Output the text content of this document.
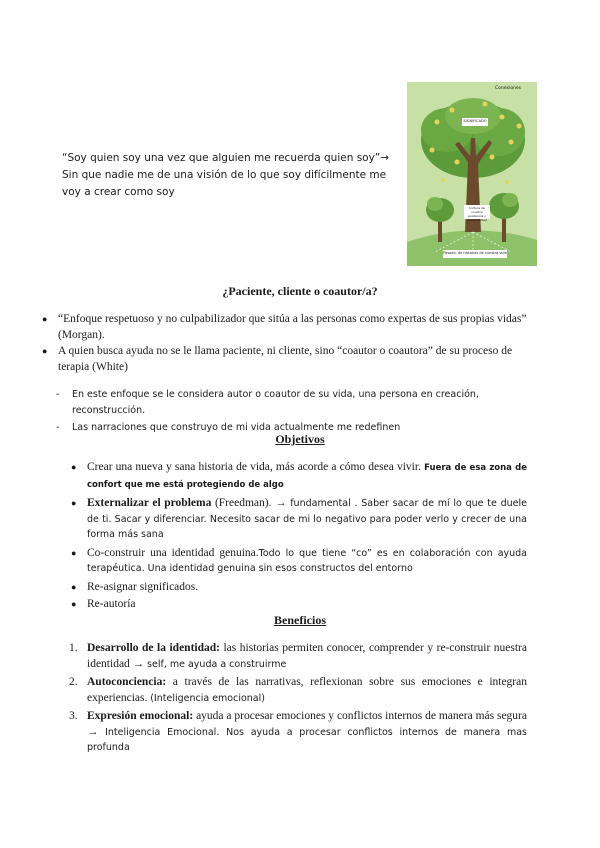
“Soy quien soy una vez que alguien me recuerda quien soy”→ Sin que nadie me de una visión de lo que soy difícilmente me voy a crear como soy
Conexiones
SIGNIFICADO
Cultura de nuestra existencia y personalidad
Pasado, de historias de nuestra vida
¿Paciente, cliente o coautor/a?
● “Enfoque respetuoso y no culpabilizador que sitúa a las personas como expertas de sus propias vidas” (Morgan).
● A quien busca ayuda no se le llama paciente, ni cliente, sino “coautor o coautora” de su proceso de terapia (White)
- En este enfoque se le considera autor o coautor de su vida, una persona en creación, reconstrucción.
- Las narraciones que construyo de mi vida actualmente me redefinen
Objetivos
● Crear una nueva y sana historia de vida, más acorde a cómo desea vivir. Fuera de esa zona de confort que me está protegiendo de algo
● Externalizar el problema (Freedman). → fundamental . Saber sacar de mí lo que te duele de ti. Sacar y diferenciar. Necesito sacar de mi lo negativo para poder verlo y crecer de una forma más sana
● Co-construir una identidad genuina.Todo lo que tiene “co” es en colaboración con ayuda terapéutica. Una identidad genuina sin esos constructos del entorno
● Re-asignar significados.
● Re-autoría
Beneficios
1. Desarrollo de la identidad: las historias permiten conocer, comprender y re-construir nuestra identidad → self, me ayuda a construirme
2. Autoconciencia: a través de las narrativas, reflexionan sobre sus emociones e integran experiencias. (Inteligencia emocional)
3. Expresión emocional: ayuda a procesar emociones y conflictos internos de manera más segura → Inteligencia Emocional. Nos ayuda a procesar conflictos internos de manera mas profunda
